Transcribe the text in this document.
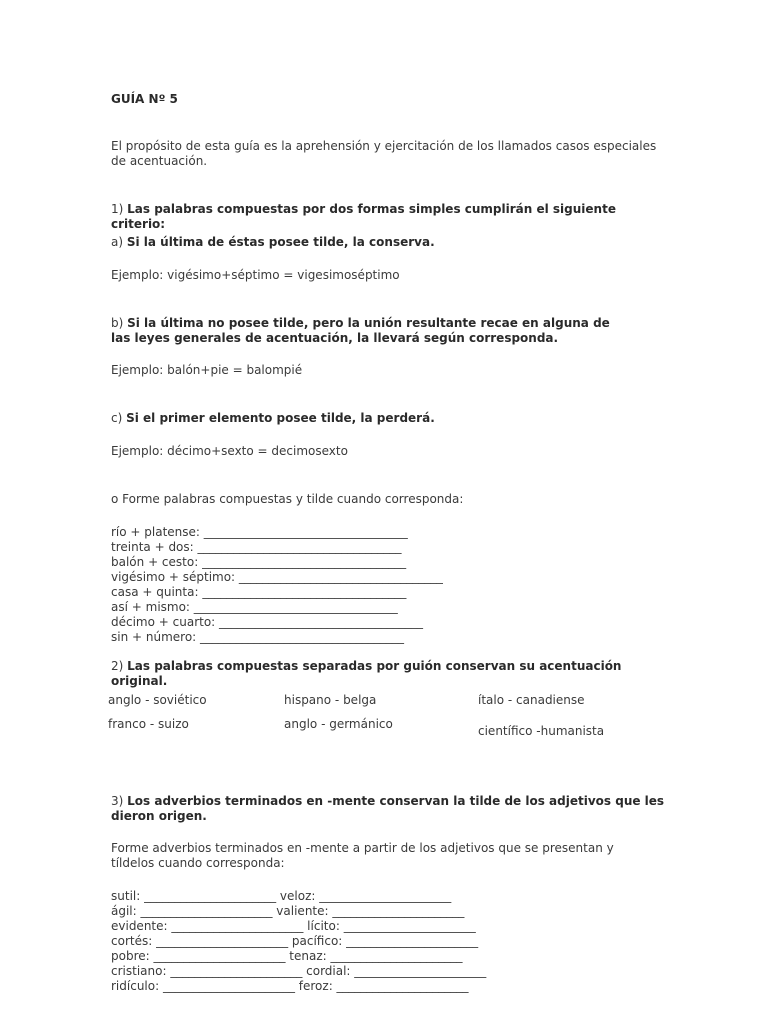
GUÍA Nº 5
El propósito de esta guía es la aprehensión y ejercitación de los llamados casos especiales de acentuación.
1) Las palabras compuestas por dos formas simples cumplirán el siguiente criterio:
a) Si la última de éstas posee tilde, la conserva.
Ejemplo: vigésimo+séptimo = vigesimoséptimo
b) Si la última no posee tilde, pero la unión resultante recae en alguna de las leyes generales de acentuación, la llevará según corresponda.
Ejemplo: balón+pie = balompié
c) Si el primer elemento posee tilde, la perderá.
Ejemplo: décimo+sexto = decimosexto
o Forme palabras compuestas y tilde cuando corresponda:
río + platense: __________________________________
treinta + dos: __________________________________
balón + cesto: __________________________________
vigésimo + séptimo: __________________________________
casa + quinta: __________________________________
así + mismo: __________________________________
décimo + cuarto: __________________________________
sin + número: __________________________________
2) Las palabras compuestas separadas por guión conservan su acentuación original.
anglo - soviético	hispano - belga	ítalo - canadiense
franco - suizo	anglo - germánico	científico -humanista
3) Los adverbios terminados en -mente conservan la tilde de los adjetivos que les dieron origen.
Forme adverbios terminados en -mente a partir de los adjetivos que se presentan y tíldelos cuando corresponda:
sutil: ______________________ veloz: ______________________
ágil: ______________________ valiente: ______________________
evidente: ______________________ lícito: ______________________
cortés: ______________________ pacífico: ______________________
pobre: ______________________ tenaz: ______________________
cristiano: ______________________ cordial: ______________________
ridículo: ______________________ feroz: ______________________
